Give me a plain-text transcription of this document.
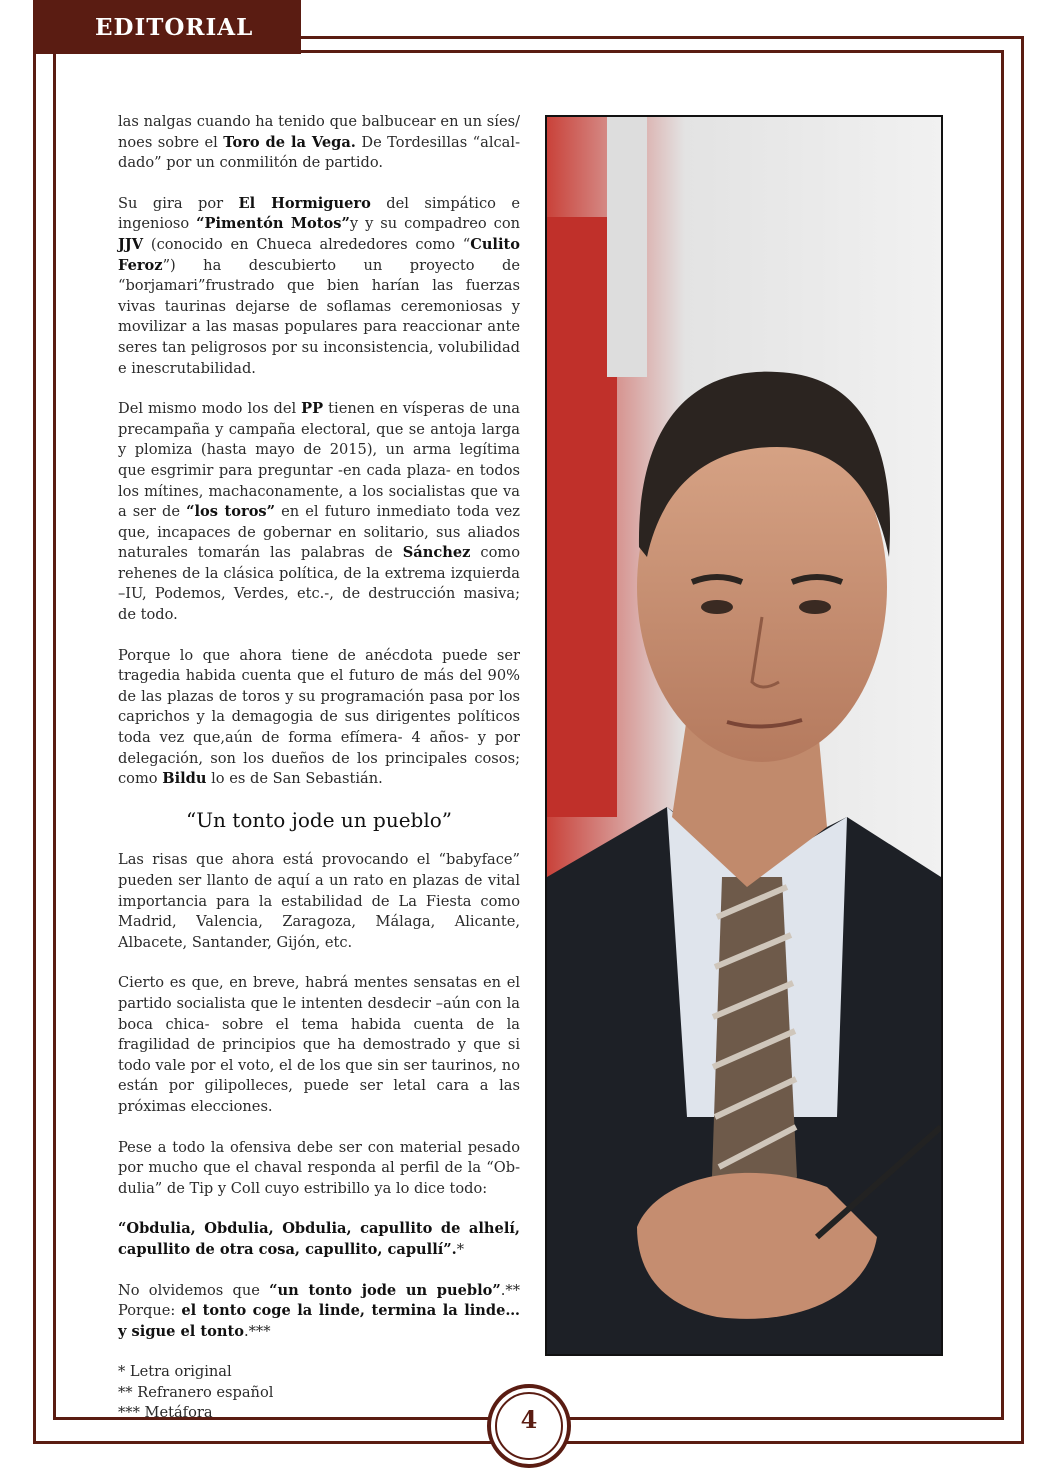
EDITORIAL

las nalgas cuando ha tenido que balbucear en un síes/ noes sobre el Toro de la Vega. De Tordesillas “alcaldado” por un conmilitón de partido.

Su gira por El Hormiguero del simpático e ingenioso “Pimentón Motos”y y su compadreo con JJV (conocido en Chueca alrededores como “Culito Feroz”) ha descubierto un proyecto de “borjamari”frustrado que bien harían las fuerzas vivas taurinas dejarse de soflamas ceremoniosas y movilizar a las masas populares para reaccionar ante seres tan peligrosos por su inconsistencia, volubilidad e inescrutabilidad.

Del mismo modo los del PP tienen en vísperas de una precampaña y campaña electoral, que se antoja larga y plomiza (hasta mayo de 2015), un arma legítima que esgrimir para preguntar -en cada plaza- en todos los mítines, machaconamente, a los socialistas que va a ser de “los toros” en el futuro inmediato toda vez que, incapaces de gobernar en solitario, sus aliados naturales tomarán las palabras de Sánchez como rehenes de la clásica política, de la extrema izquierda –IU, Podemos, Verdes, etc.-, de destrucción masiva; de todo.

Porque lo que ahora tiene de anécdota puede ser tragedia habida cuenta que el futuro de más del 90% de las plazas de toros y su programación pasa por los caprichos y la demagogia de sus dirigentes políticos toda vez que,aún de forma efímera- 4 años- y por delegación, son los dueños de los principales cosos; como Bildu lo es de San Sebastián.

“Un tonto jode un pueblo”

Las risas que ahora está provocando el “babyface” pueden ser llanto de aquí a un rato en plazas de vital importancia para la estabilidad de La Fiesta como Madrid, Valencia, Zaragoza, Málaga, Alicante, Albacete, Santander, Gijón, etc.

Cierto es que, en breve, habrá mentes sensatas en el partido socialista que le intenten desdecir –aún con la boca chica- sobre el tema habida cuenta de la fragilidad de principios que ha demostrado y que si todo vale por el voto, el de los que sin ser taurinos, no están por gilipolleces, puede ser letal cara a las próximas elecciones.

Pese a todo la ofensiva debe ser con material pesado por mucho que el chaval responda al perfil de la “Obdulia” de Tip y Coll cuyo estribillo ya lo dice todo:

“Obdulia, Obdulia, Obdulia, capullito de alhelí, capullito de otra cosa, capullito, capullí”.*

No olvidemos que “un tonto jode un pueblo”.** Porque: el tonto coge la linde, termina la linde… y sigue el tonto.***

* Letra original

** Refranero español

*** Metáfora	4
